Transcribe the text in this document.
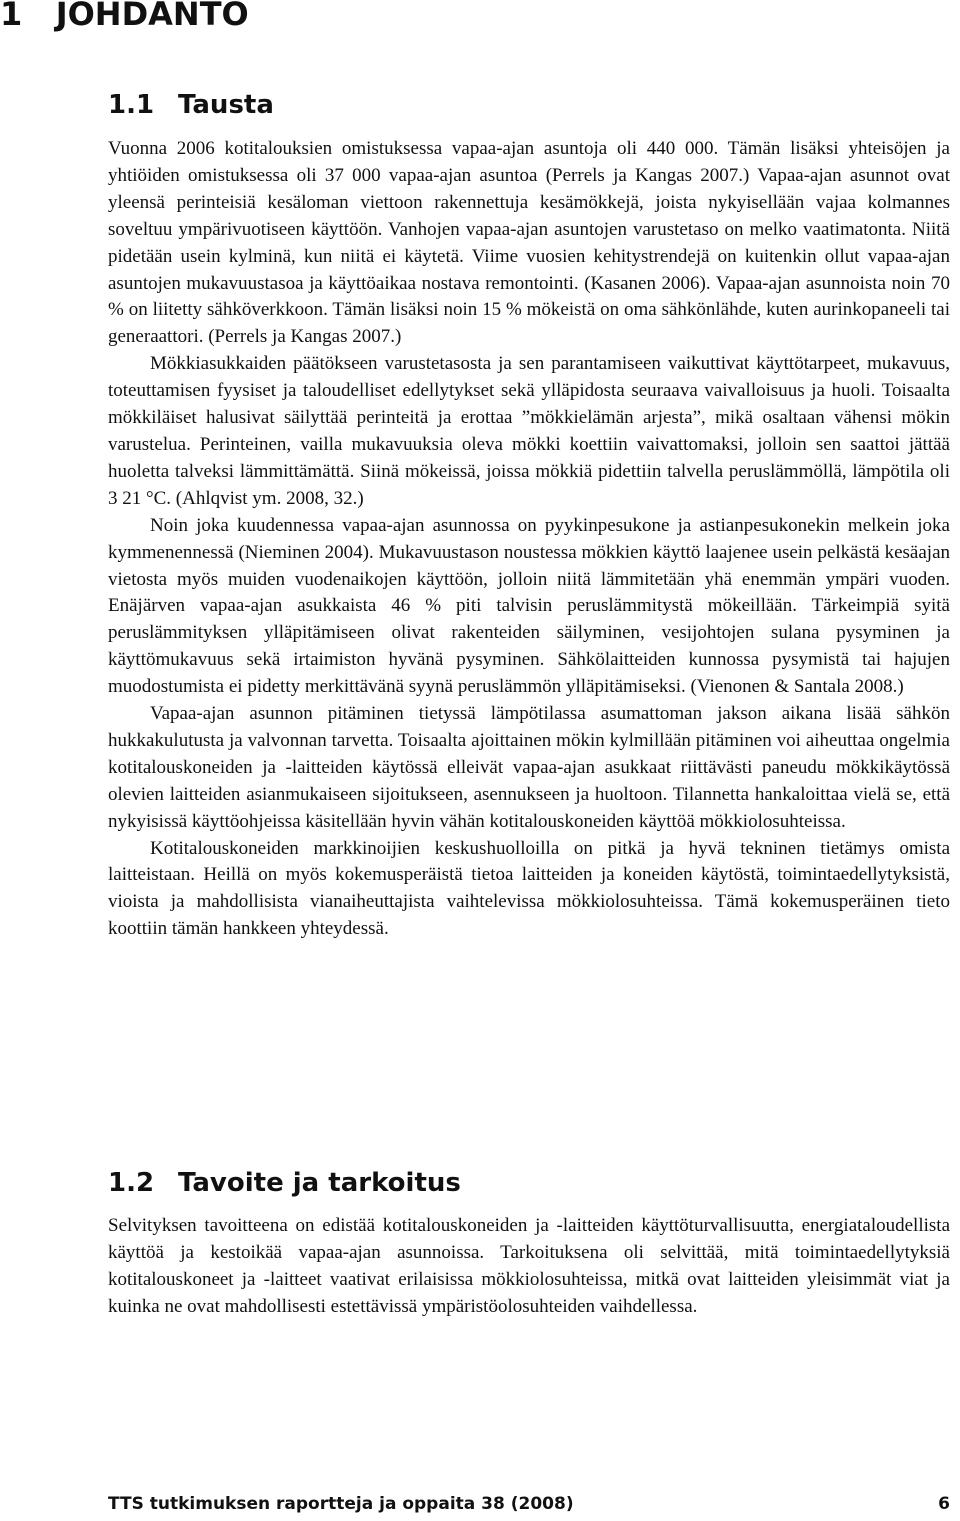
1 JOHDANTO
1.1 Tausta

Vuonna 2006 kotitalouksien omistuksessa vapaa-ajan asuntoja oli 440 000. Tämän lisäksi yhteisöjen ja yhtiöiden omistuksessa oli 37 000 vapaa-ajan asuntoa (Perrels ja Kangas 2007.) Vapaa-ajan asunnot ovat yleensä perinteisiä kesäloman viettoon rakennettuja kesämökkejä, joista nykyisellään vajaa kolmannes soveltuu ympärivuotiseen käyttöön. Vanhojen vapaa-ajan asuntojen varustetaso on melko vaatimatonta. Niitä pidetään usein kylminä, kun niitä ei käytetä. Viime vuosien kehitystrendejä on kuitenkin ollut vapaa-ajan asuntojen mukavuustasoa ja käyttöaikaa nostava remontointi. (Kasanen 2006). Vapaa-ajan asunnoista noin 70 % on liitetty sähköverkkoon. Tämän lisäksi noin 15 % mökeistä on oma sähkönlähde, kuten aurinkopaneeli tai generaattori. (Perrels ja Kangas 2007.)

Mökkiasukkaiden päätökseen varustetasosta ja sen parantamiseen vaikuttivat käyttötarpeet, mukavuus, toteuttamisen fyysiset ja taloudelliset edellytykset sekä ylläpidosta seuraava vaivalloisuus ja huoli. Toisaalta mökkiläiset halusivat säilyttää perinteitä ja erottaa ”mökkielämän arjesta”, mikä osaltaan vähensi mökin varustelua. Perinteinen, vailla mukavuuksia oleva mökki koettiin vaivattomaksi, jolloin sen saattoi jättää huoletta talveksi lämmittämättä. Siinä mökeissä, joissa mökkiä pidettiin talvella peruslämmöllä, lämpötila oli 3 21 °C. (Ahlqvist ym. 2008, 32.)

Noin joka kuudennessa vapaa-ajan asunnossa on pyykinpesukone ja astianpesukonekin melkein joka kymmenennessä (Nieminen 2004). Mukavuustason noustessa mökkien käyttö laajenee usein pelkästä kesäajan vietosta myös muiden vuodenaikojen käyttöön, jolloin niitä lämmitetään yhä enemmän ympäri vuoden. Enäjärven vapaa-ajan asukkaista 46 % piti talvisin peruslämmitystä mökeillään. Tärkeimpiä syitä peruslämmityksen ylläpitämiseen olivat rakenteiden säilyminen, vesijohtojen sulana pysyminen ja käyttömukavuus sekä irtaimiston hyvänä pysyminen. Sähkölaitteiden kunnossa pysymistä tai hajujen muodostumista ei pidetty merkittävänä syynä peruslämmön ylläpitämiseksi. (Vienonen & Santala 2008.)

Vapaa-ajan asunnon pitäminen tietyssä lämpötilassa asumattoman jakson aikana lisää sähkön hukkakulutusta ja valvonnan tarvetta. Toisaalta ajoittainen mökin kylmillään pitäminen voi aiheuttaa ongelmia kotitalouskoneiden ja -laitteiden käytössä elleivät vapaa-ajan asukkaat riittävästi paneudu mökkikäytössä olevien laitteiden asianmukaiseen sijoitukseen, asennukseen ja huoltoon. Tilannetta hankaloittaa vielä se, että nykyisissä käyttöohjeissa käsitellään hyvin vähän kotitalouskoneiden käyttöä mökkiolosuhteissa.

Kotitalouskoneiden markkinoijien keskushuolloilla on pitkä ja hyvä tekninen tietämys omista laitteistaan. Heillä on myös kokemusperäistä tietoa laitteiden ja koneiden käytöstä, toimintaedellytyksistä, vioista ja mahdollisista vianaiheuttajista vaihtelevissa mökkiolosuhteissa. Tämä kokemusperäinen tieto koottiin tämän hankkeen yhteydessä.

1.2 Tavoite ja tarkoitus

Selvityksen tavoitteena on edistää kotitalouskoneiden ja -laitteiden käyttöturvallisuutta, energiataloudellista käyttöä ja kestoikää vapaa-ajan asunnoissa. Tarkoituksena oli selvittää, mitä toimintaedellytyksiä kotitalouskoneet ja -laitteet vaativat erilaisissa mökkiolosuhteissa, mitkä ovat laitteiden yleisimmät viat ja kuinka ne ovat mahdollisesti estettävissä ympäristöolosuhteiden vaihdellessa.

TTS tutkimuksen raportteja ja oppaita 38 (2008)	6
